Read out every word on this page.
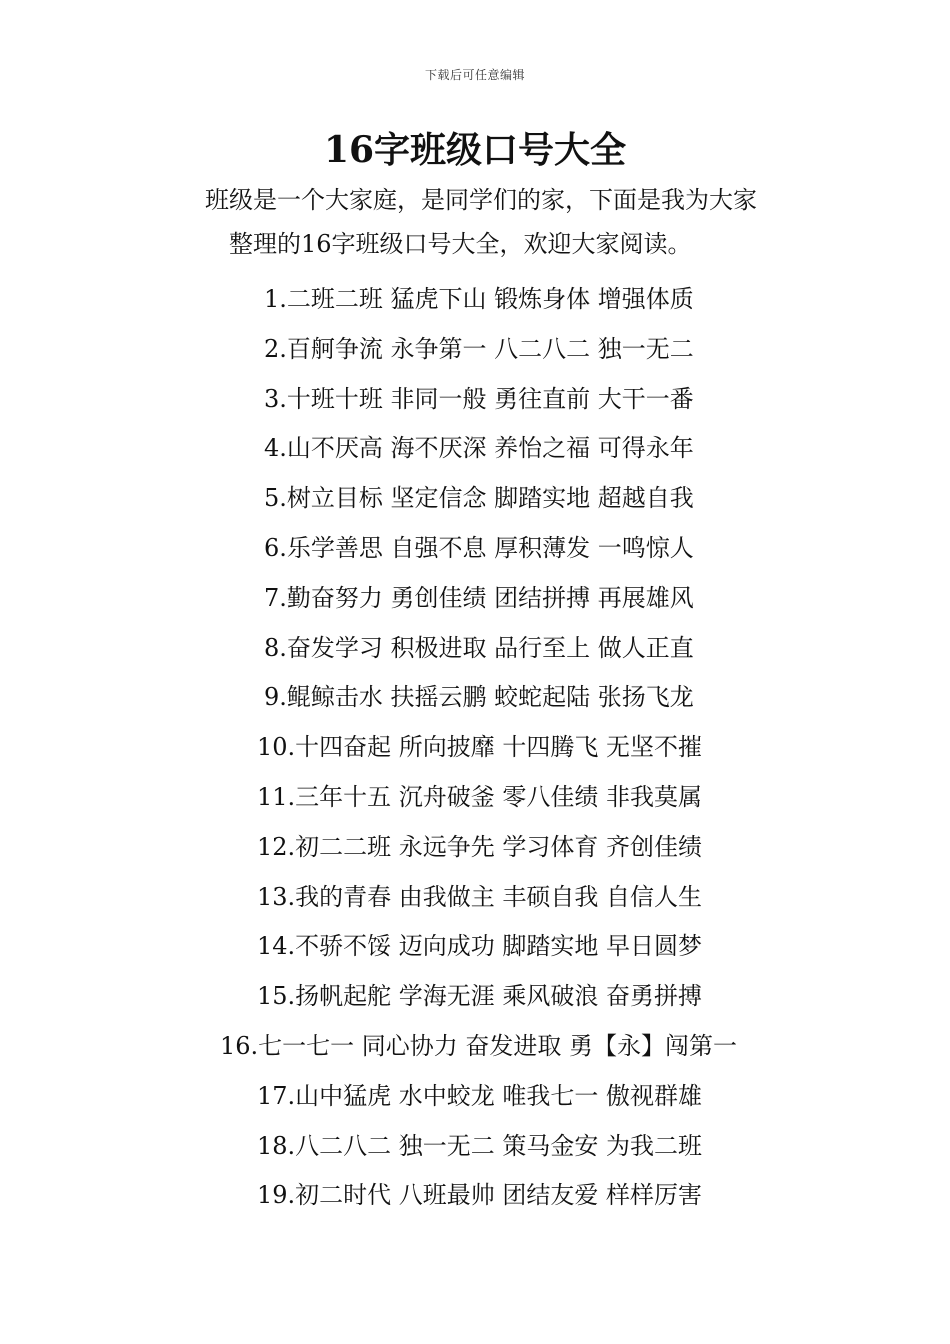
下载后可任意编辑
16字班级口号大全

班级是一个大家庭，是同学们的家，下面是我为大家
整理的16字班级口号大全，欢迎大家阅读。

1.二班二班 猛虎下山 锻炼身体 增强体质
2.百舸争流 永争第一 八二八二 独一无二
3.十班十班 非同一般 勇往直前 大干一番
4.山不厌高 海不厌深 养怡之福 可得永年
5.树立目标 坚定信念 脚踏实地 超越自我
6.乐学善思 自强不息 厚积薄发 一鸣惊人
7.勤奋努力 勇创佳绩 团结拼搏 再展雄风
8.奋发学习 积极进取 品行至上 做人正直
9.鲲鲸击水 扶摇云鹏 蛟蛇起陆 张扬飞龙
10.十四奋起 所向披靡 十四腾飞 无坚不摧
11.三年十五 沉舟破釜 零八佳绩 非我莫属
12.初二二班 永远争先 学习体育 齐创佳绩
13.我的青春 由我做主 丰硕自我 自信人生
14.不骄不馁 迈向成功 脚踏实地 早日圆梦
15.扬帆起舵 学海无涯 乘风破浪 奋勇拼搏
16.七一七一 同心协力 奋发进取 勇【永】闯第一
17.山中猛虎 水中蛟龙 唯我七一 傲视群雄
18.八二八二 独一无二 策马金安 为我二班
19.初二时代 八班最帅 团结友爱 样样厉害
